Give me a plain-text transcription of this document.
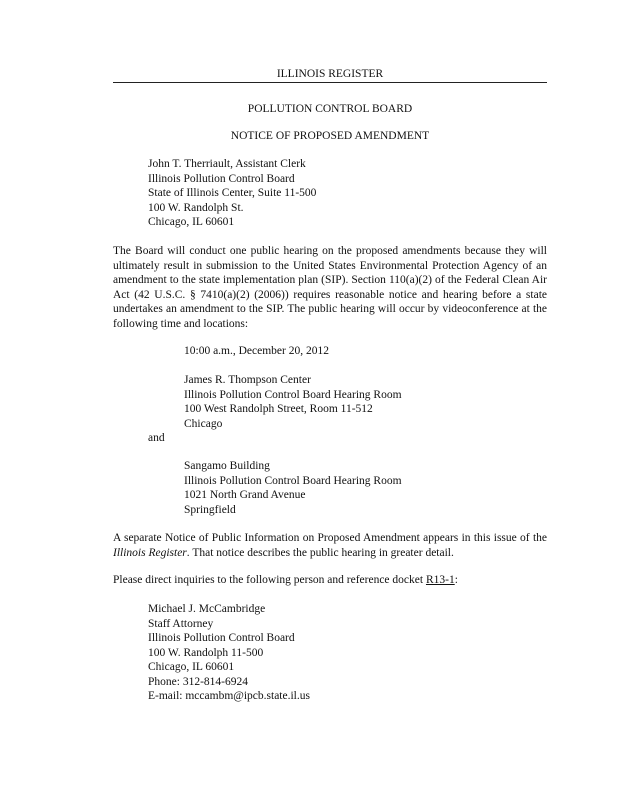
ILLINOIS REGISTER
POLLUTION CONTROL BOARD
NOTICE OF PROPOSED AMENDMENT
John T. Therriault, Assistant Clerk
Illinois Pollution Control Board
State of Illinois Center, Suite 11-500
100 W. Randolph St.
Chicago, IL 60601
The Board will conduct one public hearing on the proposed amendments because they will ultimately result in submission to the United States Environmental Protection Agency of an amendment to the state implementation plan (SIP). Section 110(a)(2) of the Federal Clean Air Act (42 U.S.C. § 7410(a)(2) (2006)) requires reasonable notice and hearing before a state undertakes an amendment to the SIP. The public hearing will occur by videoconference at the following time and locations:
10:00 a.m., December 20, 2012
James R. Thompson Center
Illinois Pollution Control Board Hearing Room
100 West Randolph Street, Room 11-512
Chicago
and
Sangamo Building
Illinois Pollution Control Board Hearing Room
1021 North Grand Avenue
Springfield
A separate Notice of Public Information on Proposed Amendment appears in this issue of the Illinois Register. That notice describes the public hearing in greater detail.
Please direct inquiries to the following person and reference docket R13-1:
Michael J. McCambridge
Staff Attorney
Illinois Pollution Control Board
100 W. Randolph 11-500
Chicago, IL 60601
Phone: 312-814-6924
E-mail: mccambm@ipcb.state.il.us
